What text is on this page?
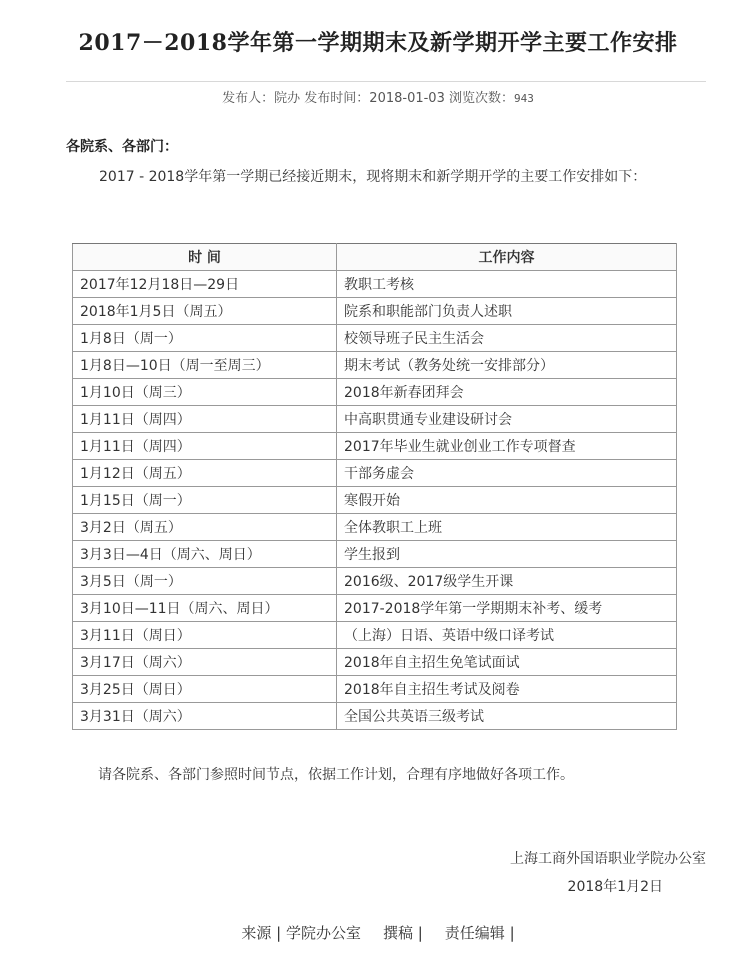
2017－2018学年第一学期期末及新学期开学主要工作安排
发布人：院办 发布时间：2018-01-03 浏览次数：943
各院系、各部门：
2017 - 2018学年第一学期已经接近期末，现将期末和新学期开学的主要工作安排如下：
时 间	工作内容
2017年12月18日—29日	教职工考核
2018年1月5日（周五）	院系和职能部门负责人述职
1月8日（周一）	校领导班子民主生活会
1月8日—10日（周一至周三）	期末考试（教务处统一安排部分）
1月10日（周三）	2018年新春团拜会
1月11日（周四）	中高职贯通专业建设研讨会
1月11日（周四）	2017年毕业生就业创业工作专项督查
1月12日（周五）	干部务虚会
1月15日（周一）	寒假开始
3月2日（周五）	全体教职工上班
3月3日—4日（周六、周日）	学生报到
3月5日（周一）	2016级、2017级学生开课
3月10日—11日（周六、周日）	2017-2018学年第一学期期末补考、缓考
3月11日（周日）	（上海）日语、英语中级口译考试
3月17日（周六）	2018年自主招生免笔试面试
3月25日（周日）	2018年自主招生考试及阅卷
3月31日（周六）	全国公共英语三级考试
请各院系、各部门参照时间节点，依据工作计划，合理有序地做好各项工作。
上海工商外国语职业学院办公室
2018年1月2日
来源 | 学院办公室 撰稿 | 责任编辑 |
